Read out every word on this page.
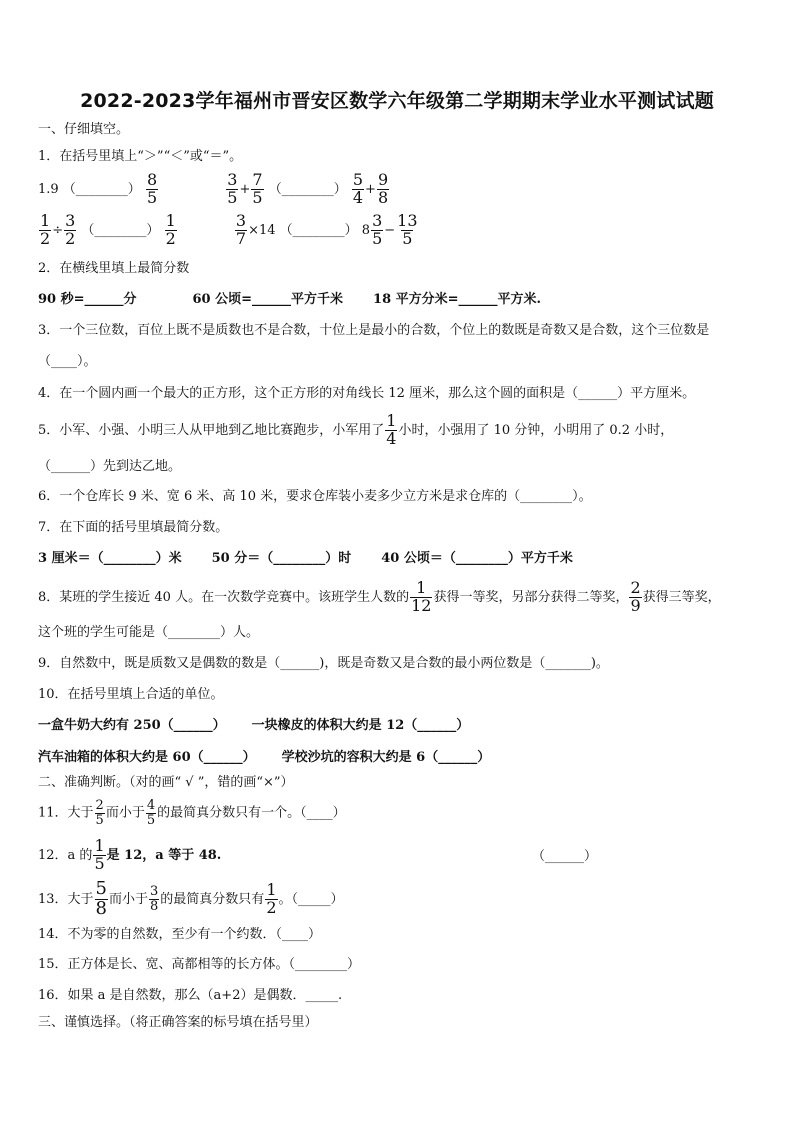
2022-2023学年福州市晋安区数学六年级第二学期期末学业水平测试试题
一、仔细填空。
1．在括号里填上“＞”“＜”或“＝”。
1.9 （________） $\frac{8}{5}$
	$\frac{3}{5} + \frac{7}{5}$ （________） $\frac{5}{4} + \frac{9}{8}$
$\frac{1}{2} \div \frac{3}{2}$ （________） $\frac{1}{2}$
	$\frac{3}{7} \times 14$ （________） $8 \frac{3}{5} - \frac{13}{5}$
2．在横线里填上最简分数
90 秒=______分	60 公顷=______平方千米 18 平方分米=______平方米.
3．一个三位数，百位上既不是质数也不是合数，十位上是最小的合数，个位上的数既是奇数又是合数，这个三位数是
（____）。
4．在一个圆内画一个最大的正方形，这个正方形的对角线长 12 厘米，那么这个圆的面积是（______）平方厘米。
5．小军、小强、小明三人从甲地到乙地比赛跑步，小军用了 $\frac{1}{4}$ 小时，小强用了 10 分钟，小明用了 0.2 小时，
（______）先到达乙地。
6．一个仓库长 9 米、宽 6 米、高 10 米，要求仓库装小麦多少立方米是求仓库的（________）。
7．在下面的括号里填最简分数。
3 厘米＝（________）米 50 分＝（________）时 40 公顷＝（________）平方千米
8．某班的学生接近 40 人。在一次数学竞赛中。该班学生人数的 $\frac{1}{12}$ 获得一等奖，另部分获得二等奖， $\frac{2}{9}$ 获得三等奖，
这个班的学生可能是（________）人。
9．自然数中，既是质数又是偶数的数是（______)，既是奇数又是合数的最小两位数是（_______)。
10．在括号里填上合适的单位。
一盒牛奶大约有 250（______） 一块橡皮的体积大约是 12（______）
汽车油箱的体积大约是 60（______） 学校沙坑的容积大约是 6（______）
二、准确判断。（对的画“ √ ”，错的画“×”）
11．大于 $\frac{2}{5}$ 而小于 $\frac{4}{5}$ 的最简真分数只有一个。（____）
12．a 的 $\frac{1}{5}$ 是 12，a 等于 48.	（______）
13．大于 $\frac{5}{8}$ 而小于 $\frac{3}{8}$ 的最简真分数只有 $\frac{1}{2}$ 。（_____）
14．不为零的自然数，至少有一个约数．（____）
15．正方体是长、宽、高都相等的长方体。（________）
16．如果 a 是自然数，那么（a+2）是偶数．_____.
三、谨慎选择。（将正确答案的标号填在括号里）
